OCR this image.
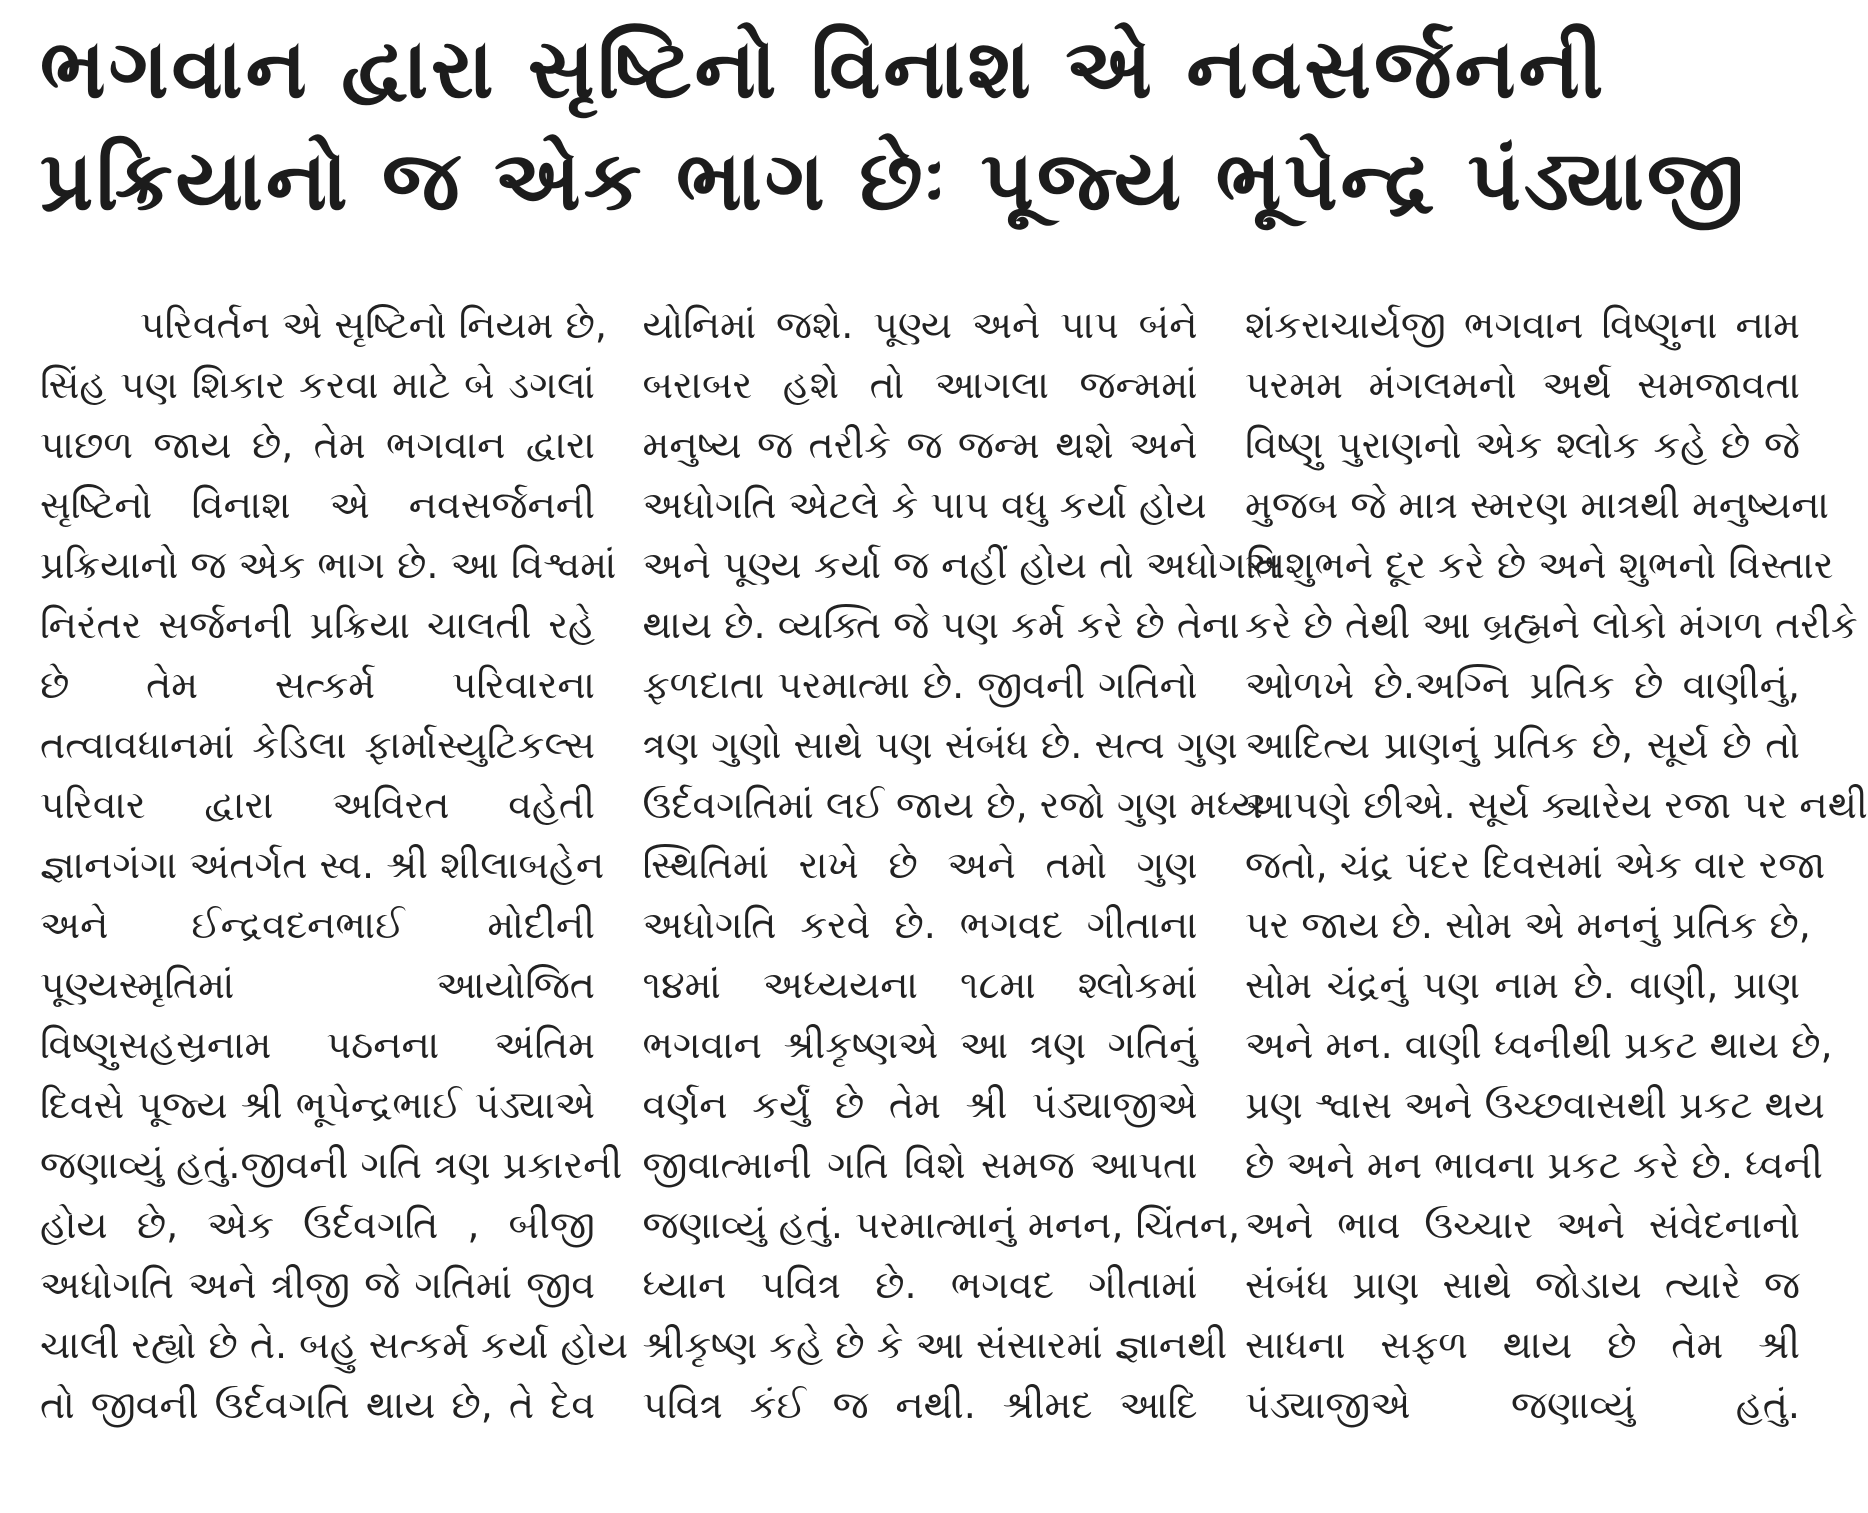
ભગવાન દ્વારા સૃષ્ટિનો વિનાશ એ નવસર્જનની
પ્રક્રિયાનો જ એક ભાગ છેઃ પૂજ્ય ભૂપેન્દ્ર પંડ્યાજી
પરિવર્તન એ સૃષ્ટિનો નિયમ છે,
સિંહ પણ શિકાર કરવા માટે બે ડગલાં
પાછળ જાય છે, તેમ ભગવાન દ્વારા
સૃષ્ટિનો વિનાશ એ નવસર્જનની
પ્રક્રિયાનો જ એક ભાગ છે. આ વિશ્વમાં
નિરંતર સર્જનની પ્રક્રિયા ચાલતી રહે
છે તેમ સત્કર્મ પરિવારના
તત્વાવધાનમાં કેડિલા ફાર્માસ્યુટિકલ્સ
પરિવાર દ્વારા અવિરત વહેતી
જ્ઞાનગંગા અંતર્ગત સ્વ. શ્રી શીલાબહેન
અને ઈન્દ્રવદનભાઈ મોદીની
પૂણ્યસ્મૃતિમાં આયોજિત
વિષ્ણુસહસ્રનામ પઠનના અંતિમ
દિવસે પૂજ્ય શ્રી ભૂપેન્દ્રભાઈ પંડ્યાએ
જણાવ્યું હતું.જીવની ગતિ ત્રણ પ્રકારની
હોય છે, એક ઉર્દવગતિ , બીજી
અધોગતિ અને ત્રીજી જે ગતિમાં જીવ
ચાલી રહ્યો છે તે. બહુ સત્કર્મ કર્યા હોય
તો જીવની ઉર્દવગતિ થાય છે, તે દેવ
યોનિમાં જશે. પૂણ્ય અને પાપ બંને
બરાબર હશે તો આગલા જન્મમાં
મનુષ્ય જ તરીકે જ જન્મ થશે અને
અધોગતિ એટલે કે પાપ વધુ કર્યા હોય
અને પૂણ્ય કર્યા જ નહીં હોય તો અધોગતિ
થાય છે. વ્યક્તિ જે પણ કર્મ કરે છે તેના
ફળદાતા પરમાત્મા છે. જીવની ગતિનો
ત્રણ ગુણો સાથે પણ સંબંધ છે. સત્વ ગુણ
ઉર્દવગતિમાં લઈ જાય છે, રજો ગુણ મધ્ય
સ્થિતિમાં રાખે છે અને તમો ગુણ
અધોગતિ કરવે છે. ભગવદ ગીતાના
૧૪માં અધ્યયના ૧૮મા શ્લોકમાં
ભગવાન શ્રીકૃષ્ણએ આ ત્રણ ગતિનું
વર્ણન કર્યું છે તેમ શ્રી પંડ્યાજીએ
જીવાત્માની ગતિ વિશે સમજ આપતા
જણાવ્યું હતું. પરમાત્માનું મનન, ચિંતન,
ધ્યાન પવિત્ર છે. ભગવદ ગીતામાં
શ્રીકૃષ્ણ કહે છે કે આ સંસારમાં જ્ઞાનથી
પવિત્ર કંઈ જ નથી. શ્રીમદ આદિ
શંકરાચાર્યજી ભગવાન વિષ્ણુના નામ
પરમમ મંગલમનો અર્થ સમજાવતા
વિષ્ણુ પુરાણનો એક શ્લોક કહે છે જે
મુજબ જે માત્ર સ્મરણ માત્રથી મનુષ્યના
અશુભને દૂર કરે છે અને શુભનો વિસ્તાર
કરે છે તેથી આ બ્રહ્મને લોકો મંગળ તરીકે
ઓળખે છે.અગ્નિ પ્રતિક છે વાણીનું,
આદિત્ય પ્રાણનું પ્રતિક છે, સૂર્ય છે તો
આપણે છીએ. સૂર્ય ક્યારેય રજા પર નથી
જતો, ચંદ્ર પંદર દિવસમાં એક વાર રજા
પર જાય છે. સોમ એ મનનું પ્રતિક છે,
સોમ ચંદ્રનું પણ નામ છે. વાણી, પ્રાણ
અને મન. વાણી ધ્વનીથી પ્રકટ થાય છે,
પ્રણ શ્વાસ અને ઉચ્છવાસથી પ્રકટ થય
છે અને મન ભાવના પ્રકટ કરે છે. ધ્વની
અને ભાવ ઉચ્ચાર અને સંવેદનાનો
સંબંધ પ્રાણ સાથે જોડાય ત્યારે જ
સાધના સફળ થાય છે તેમ શ્રી
પંડ્યાજીએ જણાવ્યું હતું.
